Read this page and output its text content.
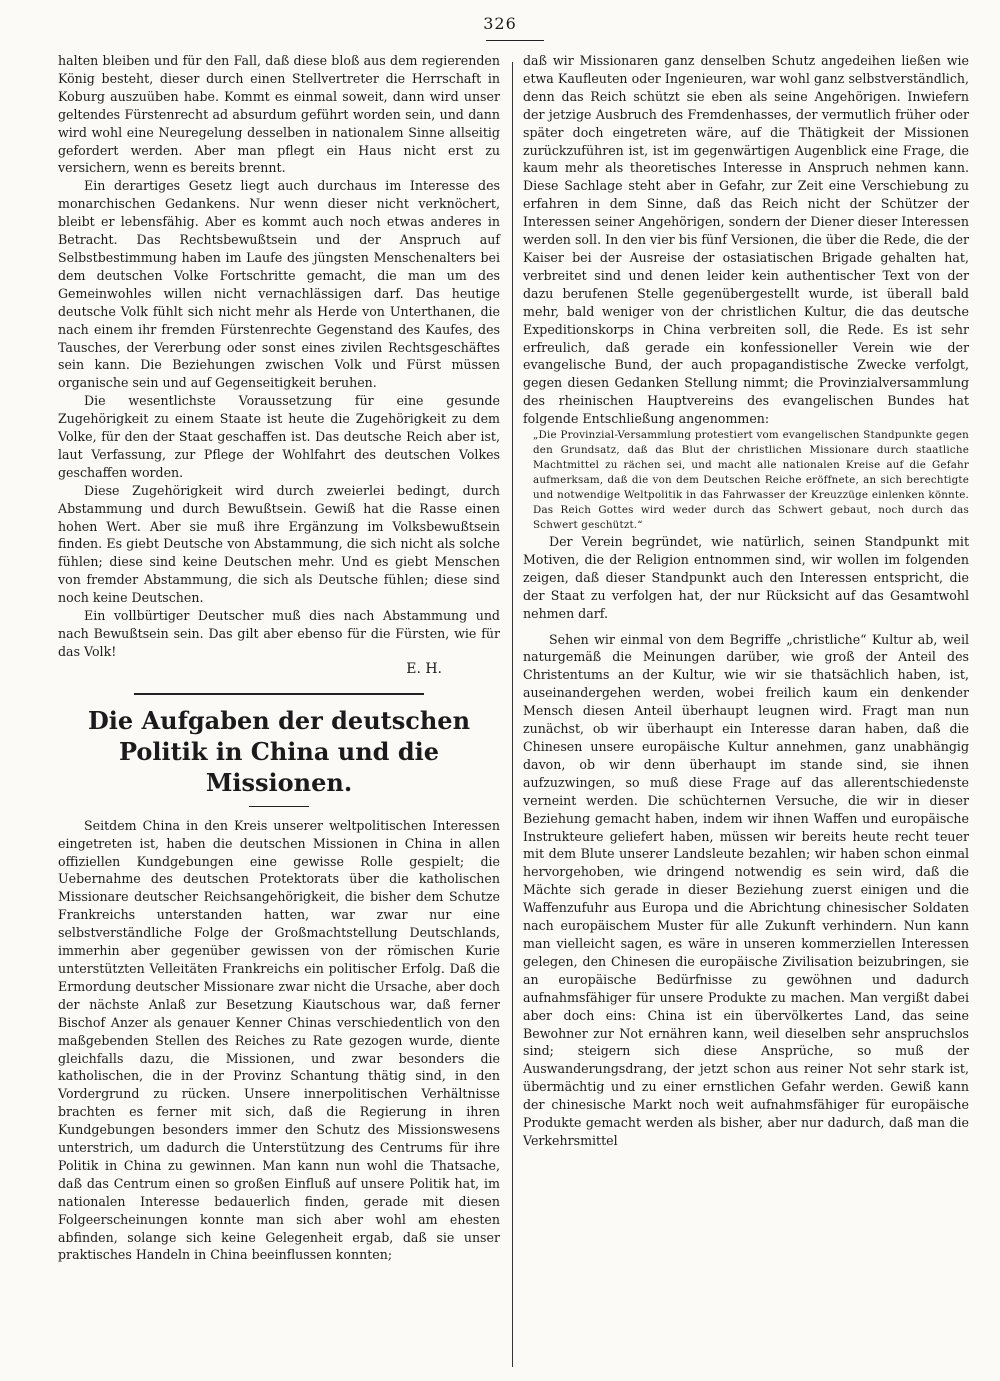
326

halten bleiben und für den Fall, daß diese bloß aus dem regierenden König besteht, dieser durch einen Stellvertreter die Herrschaft in Koburg auszuüben habe. Kommt es einmal soweit, dann wird unser geltendes Fürstenrecht ad absurdum geführt worden sein, und dann wird wohl eine Neuregelung desselben in nationalem Sinne allseitig gefordert werden. Aber man pflegt ein Haus nicht erst zu versichern, wenn es bereits brennt.

Ein derartiges Gesetz liegt auch durchaus im Interesse des monarchischen Gedankens. Nur wenn dieser nicht verknöchert, bleibt er lebensfähig. Aber es kommt auch noch etwas anderes in Betracht. Das Rechtsbewußtsein und der Anspruch auf Selbstbestimmung haben im Laufe des jüngsten Menschenalters bei dem deutschen Volke Fortschritte gemacht, die man um des Gemeinwohles willen nicht vernachlässigen darf. Das heutige deutsche Volk fühlt sich nicht mehr als Herde von Unterthanen, die nach einem ihr fremden Fürstenrechte Gegenstand des Kaufes, des Tausches, der Vererbung oder sonst eines zivilen Rechtsgeschäftes sein kann. Die Beziehungen zwischen Volk und Fürst müssen organische sein und auf Gegenseitigkeit beruhen.

Die wesentlichste Voraussetzung für eine gesunde Zugehörigkeit zu einem Staate ist heute die Zugehörigkeit zu dem Volke, für den der Staat geschaffen ist. Das deutsche Reich aber ist, laut Verfassung, zur Pflege der Wohlfahrt des deutschen Volkes geschaffen worden.

Diese Zugehörigkeit wird durch zweierlei bedingt, durch Abstammung und durch Bewußtsein. Gewiß hat die Rasse einen hohen Wert. Aber sie muß ihre Ergänzung im Volksbewußtsein finden. Es giebt Deutsche von Abstammung, die sich nicht als solche fühlen; diese sind keine Deutschen mehr. Und es giebt Menschen von fremder Abstammung, die sich als Deutsche fühlen; diese sind noch keine Deutschen.

Ein vollbürtiger Deutscher muß dies nach Abstammung und nach Bewußtsein sein. Das gilt aber ebenso für die Fürsten, wie für das Volk!

E. H.

Die Aufgaben der deutschen Politik in China und die Missionen.

Seitdem China in den Kreis unserer weltpolitischen Interessen eingetreten ist, haben die deutschen Missionen in China in allen offiziellen Kundgebungen eine gewisse Rolle gespielt; die Uebernahme des deutschen Protektorats über die katholischen Missionare deutscher Reichsangehörigkeit, die bisher dem Schutze Frankreichs unterstanden hatten, war zwar nur eine selbstverständliche Folge der Großmachtstellung Deutschlands, immerhin aber gegenüber gewissen von der römischen Kurie unterstützten Velleitäten Frankreichs ein politischer Erfolg. Daß die Ermordung deutscher Missionare zwar nicht die Ursache, aber doch der nächste Anlaß zur Besetzung Kiautschous war, daß ferner Bischof Anzer als genauer Kenner Chinas verschiedentlich von den maßgebenden Stellen des Reiches zu Rate gezogen wurde, diente gleichfalls dazu, die Missionen, und zwar besonders die katholischen, die in der Provinz Schantung thätig sind, in den Vordergrund zu rücken. Unsere innerpolitischen Verhältnisse brachten es ferner mit sich, daß die Regierung in ihren Kundgebungen besonders immer den Schutz des Missionswesens unterstrich, um dadurch die Unterstützung des Centrums für ihre Politik in China zu gewinnen. Man kann nun wohl die Thatsache, daß das Centrum einen so großen Einfluß auf unsere Politik hat, im nationalen Interesse bedauerlich finden, gerade mit diesen Folgeerscheinungen konnte man sich aber wohl am ehesten abfinden, solange sich keine Gelegenheit ergab, daß sie unser praktisches Handeln in China beeinflussen konnten;

daß wir Missionaren ganz denselben Schutz angedeihen ließen wie etwa Kaufleuten oder Ingenieuren, war wohl ganz selbstverständlich, denn das Reich schützt sie eben als seine Angehörigen. Inwiefern der jetzige Ausbruch des Fremdenhasses, der vermutlich früher oder später doch eingetreten wäre, auf die Thätigkeit der Missionen zurückzuführen ist, ist im gegenwärtigen Augenblick eine Frage, die kaum mehr als theoretisches Interesse in Anspruch nehmen kann. Diese Sachlage steht aber in Gefahr, zur Zeit eine Verschiebung zu erfahren in dem Sinne, daß das Reich nicht der Schützer der Interessen seiner Angehörigen, sondern der Diener dieser Interessen werden soll. In den vier bis fünf Versionen, die über die Rede, die der Kaiser bei der Ausreise der ostasiatischen Brigade gehalten hat, verbreitet sind und denen leider kein authentischer Text von der dazu berufenen Stelle gegenübergestellt wurde, ist überall bald mehr, bald weniger von der christlichen Kultur, die das deutsche Expeditionskorps in China verbreiten soll, die Rede. Es ist sehr erfreulich, daß gerade ein konfessioneller Verein wie der evangelische Bund, der auch propagandistische Zwecke verfolgt, gegen diesen Gedanken Stellung nimmt; die Provinzialversammlung des rheinischen Hauptvereins des evangelischen Bundes hat folgende Entschließung angenommen:

„Die Provinzial-Versammlung protestiert vom evangelischen Standpunkte gegen den Grundsatz, daß das Blut der christlichen Missionare durch staatliche Machtmittel zu rächen sei, und macht alle nationalen Kreise auf die Gefahr aufmerksam, daß die von dem Deutschen Reiche eröffnete, an sich berechtigte und notwendige Weltpolitik in das Fahrwasser der Kreuzzüge einlenken könnte. Das Reich Gottes wird weder durch das Schwert gebaut, noch durch das Schwert geschützt.“

Der Verein begründet, wie natürlich, seinen Standpunkt mit Motiven, die der Religion entnommen sind, wir wollen im folgenden zeigen, daß dieser Standpunkt auch den Interessen entspricht, die der Staat zu verfolgen hat, der nur Rücksicht auf das Gesamtwohl nehmen darf.

Sehen wir einmal von dem Begriffe „christliche“ Kultur ab, weil naturgemäß die Meinungen darüber, wie groß der Anteil des Christentums an der Kultur, wie wir sie thatsächlich haben, ist, auseinandergehen werden, wobei freilich kaum ein denkender Mensch diesen Anteil überhaupt leugnen wird. Fragt man nun zunächst, ob wir überhaupt ein Interesse daran haben, daß die Chinesen unsere europäische Kultur annehmen, ganz unabhängig davon, ob wir denn überhaupt im stande sind, sie ihnen aufzuzwingen, so muß diese Frage auf das allerentschiedenste verneint werden. Die schüchternen Versuche, die wir in dieser Beziehung gemacht haben, indem wir ihnen Waffen und europäische Instrukteure geliefert haben, müssen wir bereits heute recht teuer mit dem Blute unserer Landsleute bezahlen; wir haben schon einmal hervorgehoben, wie dringend notwendig es sein wird, daß die Mächte sich gerade in dieser Beziehung zuerst einigen und die Waffenzufuhr aus Europa und die Abrichtung chinesischer Soldaten nach europäischem Muster für alle Zukunft verhindern. Nun kann man vielleicht sagen, es wäre in unseren kommerziellen Interessen gelegen, den Chinesen die europäische Zivilisation beizubringen, sie an europäische Bedürfnisse zu gewöhnen und dadurch aufnahmsfähiger für unsere Produkte zu machen. Man vergißt dabei aber doch eins: China ist ein übervölkertes Land, das seine Bewohner zur Not ernähren kann, weil dieselben sehr anspruchslos sind; steigern sich diese Ansprüche, so muß der Auswanderungsdrang, der jetzt schon aus reiner Not sehr stark ist, übermächtig und zu einer ernstlichen Gefahr werden. Gewiß kann der chinesische Markt noch weit aufnahmsfähiger für europäische Produkte gemacht werden als bisher, aber nur dadurch, daß man die Verkehrsmittel
